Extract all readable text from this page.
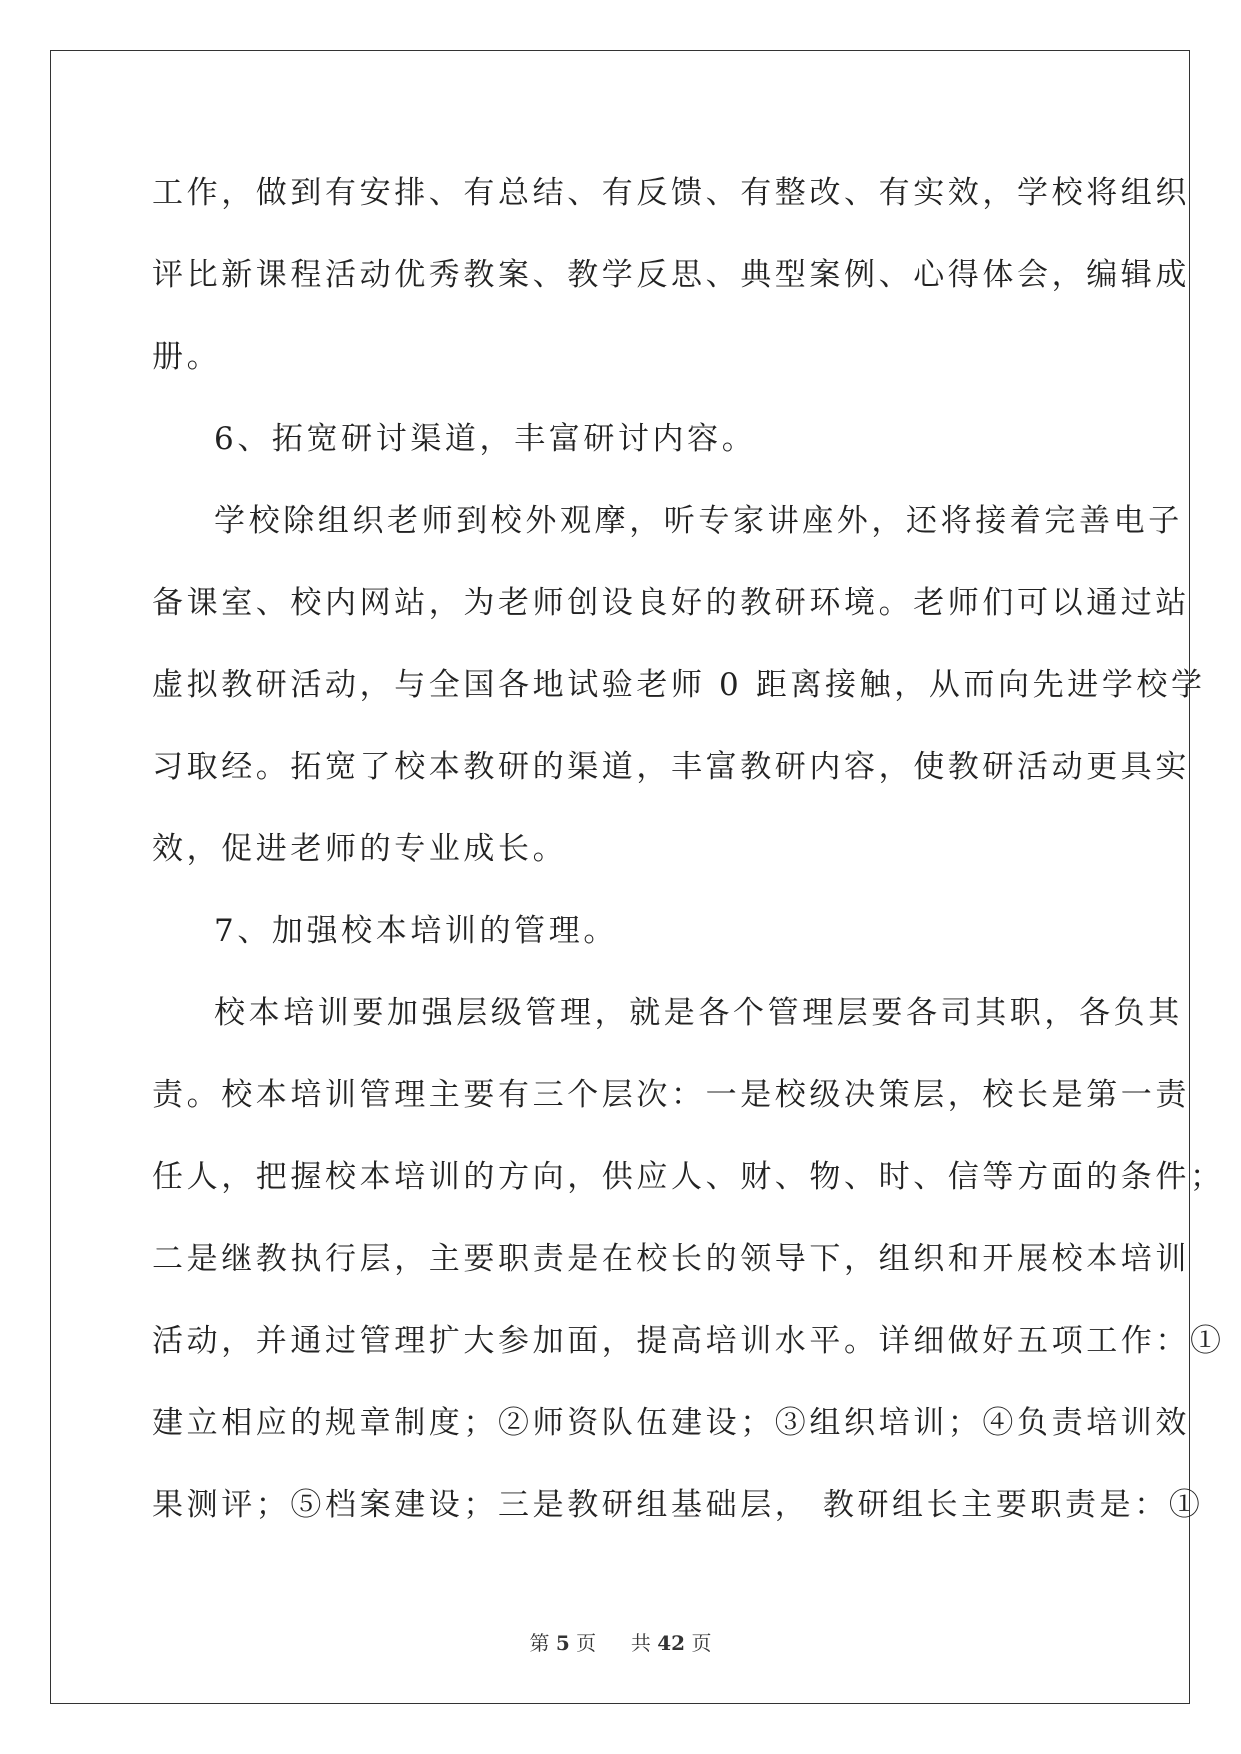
工作，做到有安排、有总结、有反馈、有整改、有实效，学校将组织
评比新课程活动优秀教案、教学反思、典型案例、心得体会，编辑成
册。
6、拓宽研讨渠道，丰富研讨内容。
学校除组织老师到校外观摩，听专家讲座外，还将接着完善电子
备课室、校内网站，为老师创设良好的教研环境。老师们可以通过站
虚拟教研活动，与全国各地试验老师 0 距离接触，从而向先进学校学
习取经。拓宽了校本教研的渠道，丰富教研内容，使教研活动更具实
效，促进老师的专业成长。
7、加强校本培训的管理。
校本培训要加强层级管理，就是各个管理层要各司其职，各负其
责。校本培训管理主要有三个层次：一是校级决策层，校长是第一责
任人，把握校本培训的方向，供应人、财、物、时、信等方面的条件；
二是继教执行层，主要职责是在校长的领导下，组织和开展校本培训
活动，并通过管理扩大参加面，提高培训水平。详细做好五项工作：①
建立相应的规章制度；②师资队伍建设；③组织培训；④负责培训效
果测评；⑤档案建设；三是教研组基础层， 教研组长主要职责是：①
第 5 页 共 42 页
